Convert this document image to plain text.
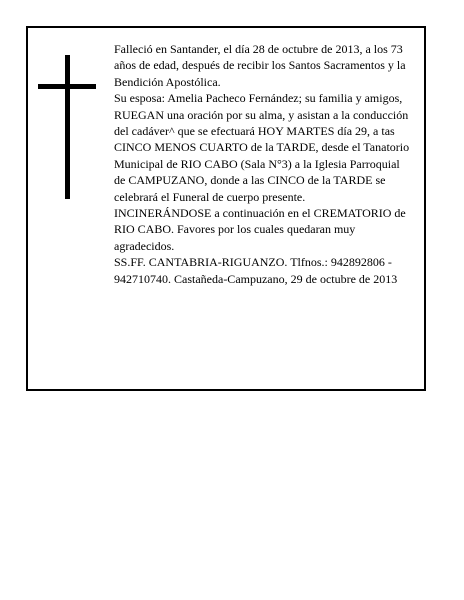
Falleció en Santander, el día 28 de octubre de 2013, a los 73 años de edad, después de recibir los Santos Sacramentos y la Bendición Apostólica.

Su esposa: Amelia Pacheco Fernández; su familia y amigos,

RUEGAN una oración por su alma, y asistan a la conducción del cadáver^ que se efectuará HOY MARTES día 29, a tas CINCO MENOS CUARTO de la TARDE, desde el Tanatorio Municipal de RIO CABO (Sala N°3) a la Iglesia Parroquial de CAMPUZANO, donde a las CINCO de la TARDE se celebrará el Funeral de cuerpo presente.

INCINERÁNDOSE a continuación en el CREMATORIO de RIO CABO. Favores por los cuales quedaran muy agradecidos.

SS.FF. CANTABRIA-RIGUANZO. Tlfnos.: 942892806 - 942710740. Castañeda-Campuzano, 29 de octubre de 2013
